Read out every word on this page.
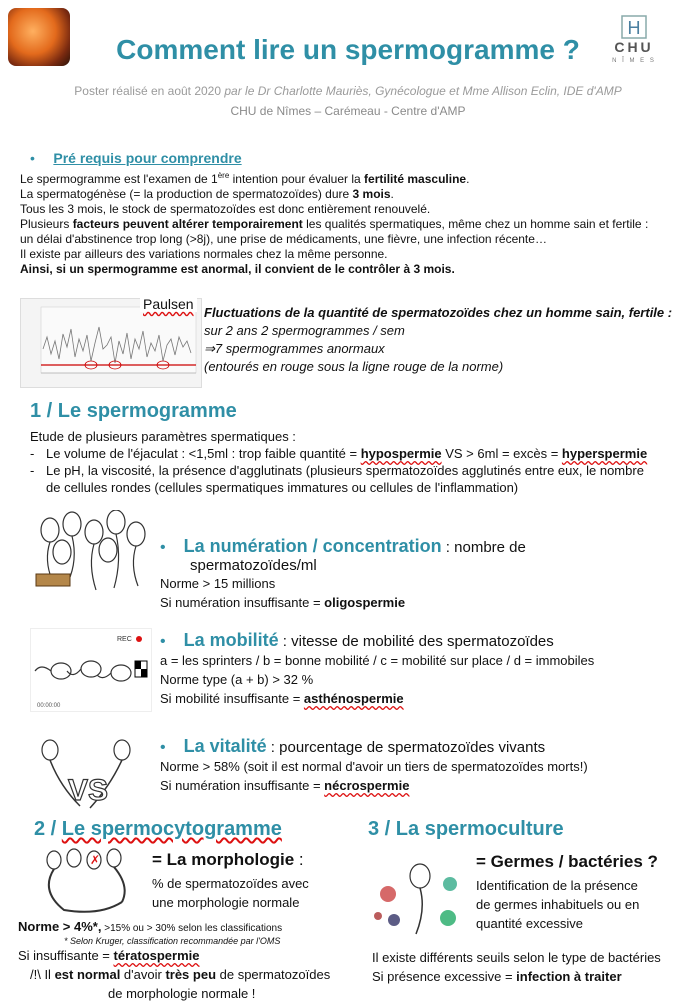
H
CHU
N Î M E S
Comment lire un spermogramme ?
Poster réalisé en août 2020 par le Dr Charlotte Mauriès, Gynécologue et Mme Allison Eclin, IDE d'AMP
CHU de Nîmes – Carémeau - Centre d'AMP
• Pré requis pour comprendre
Le spermogramme est l'examen de 1ère intention pour évaluer la fertilité masculine.
La spermatogénèse (= la production de spermatozoïdes) dure 3 mois.
Tous les 3 mois, le stock de spermatozoïdes est donc entièrement renouvelé.
Plusieurs facteurs peuvent altérer temporairement les qualités spermatiques, même chez un homme sain et fertile :
un délai d'abstinence trop long (>8j), une prise de médicaments, une fièvre, une infection récente…
Il existe par ailleurs des variations normales chez la même personne.
Ainsi, si un spermogramme est anormal, il convient de le contrôler à 3 mois.
Paulsen
Fluctuations de la quantité de spermatozoïdes chez un homme sain, fertile :
sur 2 ans 2 spermogrammes / sem
⇒7 spermogrammes anormaux
(entourés en rouge sous la ligne rouge de la norme)
1 / Le spermogramme
Etude de plusieurs paramètres spermatiques :
- Le volume de l'éjaculat : <1,5ml : trop faible quantité = hypospermie VS > 6ml = excès = hyperspermie
- Le pH, la viscosité, la présence d'agglutinats (plusieurs spermatozoïdes agglutinés entre eux, le nombre
de cellules rondes (cellules spermatiques immatures ou cellules de l'inflammation)
• La numération / concentration : nombre de
spermatozoïdes/ml
Norme > 15 millions
Si numération insuffisante = oligospermie
REC
00:00:00
• La mobilité : vitesse de mobilité des spermatozoïdes
a = les sprinters / b = bonne mobilité / c = mobilité sur place / d = immobiles
Norme type (a + b) > 32 %
Si mobilité insuffisante = asthénospermie
VS
• La vitalité : pourcentage de spermatozoïdes vivants
Norme > 58% (soit il est normal d'avoir un tiers de spermatozoïdes morts!)
Si numération insuffisante = nécrospermie
2 / Le spermocytogramme
✗	= La morphologie :
% de spermatozoïdes avec
une morphologie normale
Norme > 4%*, >15% ou > 30% selon les classifications
* Selon Kruger, classification recommandée par l'OMS
Si insuffisante = tératospermie
/!\ Il est normal d'avoir très peu de spermatozoïdes
de morphologie normale !
3 / La spermoculture
= Germes / bactéries ?
Identification de la présence
de germes inhabituels ou en
quantité excessive
Il existe différents seuils selon le type de bactéries
Si présence excessive = infection à traiter
